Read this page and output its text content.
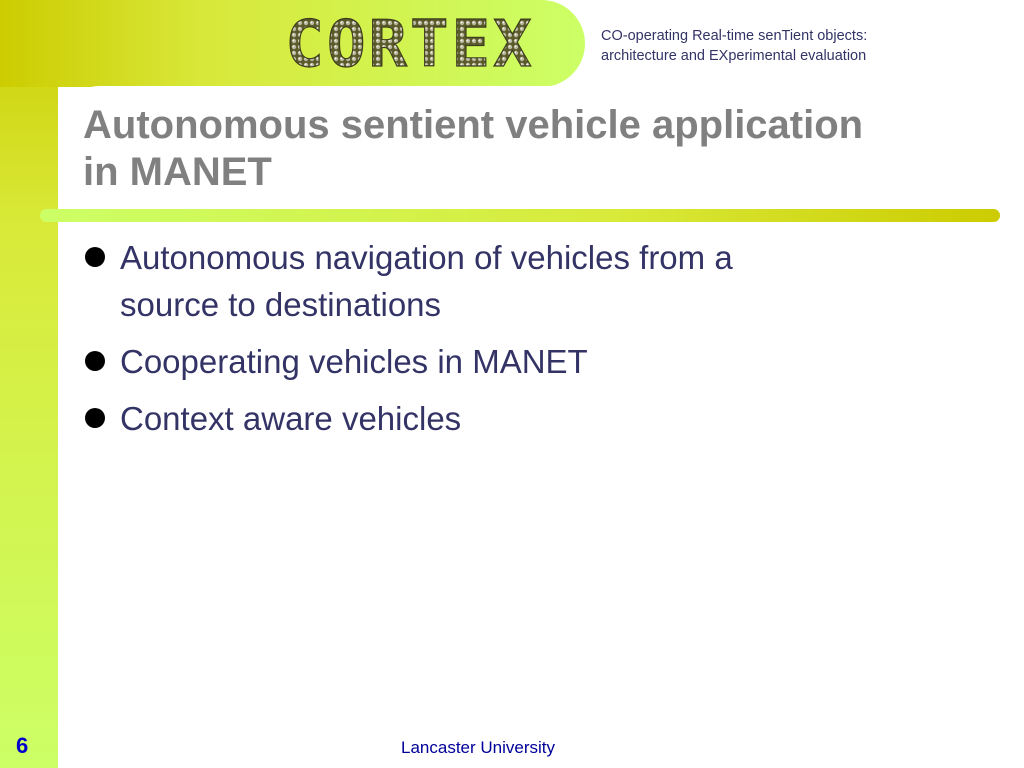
CORTEX	CO-operating Real-time senTient objects:
architecture and EXperimental evaluation
Autonomous sentient vehicle application
in MANET
Autonomous navigation of vehicles from a
source to destinations
Cooperating vehicles in MANET
Context aware vehicles
6	Lancaster University
